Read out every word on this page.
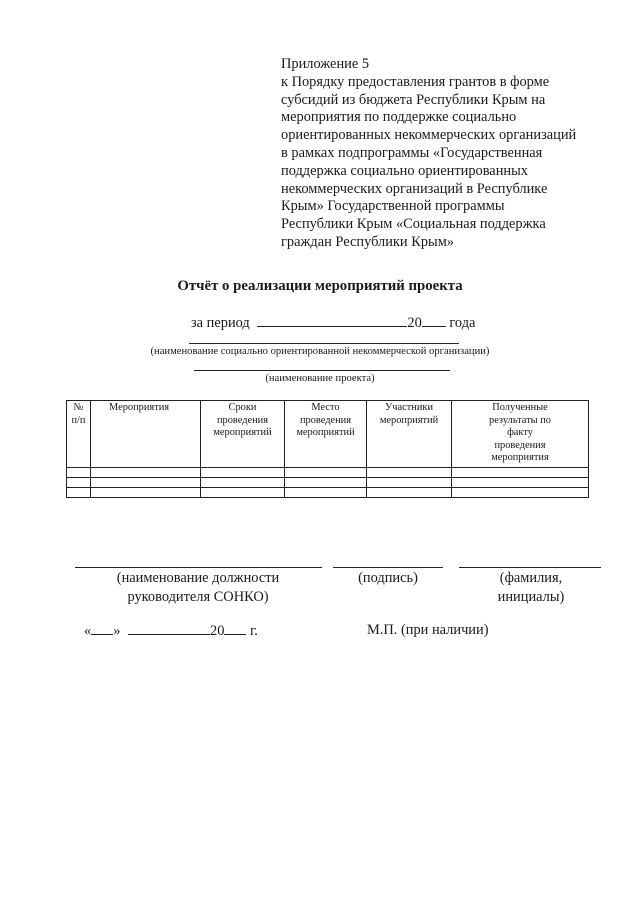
Приложение 5
к Порядку предоставления грантов в форме
субсидий из бюджета Республики Крым на
мероприятия по поддержке социально
ориентированных некоммерческих организаций
в рамках подпрограммы «Государственная
поддержка социально ориентированных
некоммерческих организаций в Республике
Крым» Государственной программы
Республики Крым «Социальная поддержка
граждан Республики Крым»
Отчёт о реализации мероприятий проекта
за период	20 года
(наименование социально ориентированной некоммерческой организации)
(наименование проекта)
№ п/п	Мероприятия	Сроки проведения мероприятий	Место проведения мероприятий	Участники мероприятий	Полученные результаты по факту проведения мероприятия

(наименование должности
руководителя СОНКО)
(подпись)	(фамилия,
инициалы)
« »	20 г.	М.П. (при наличии)
